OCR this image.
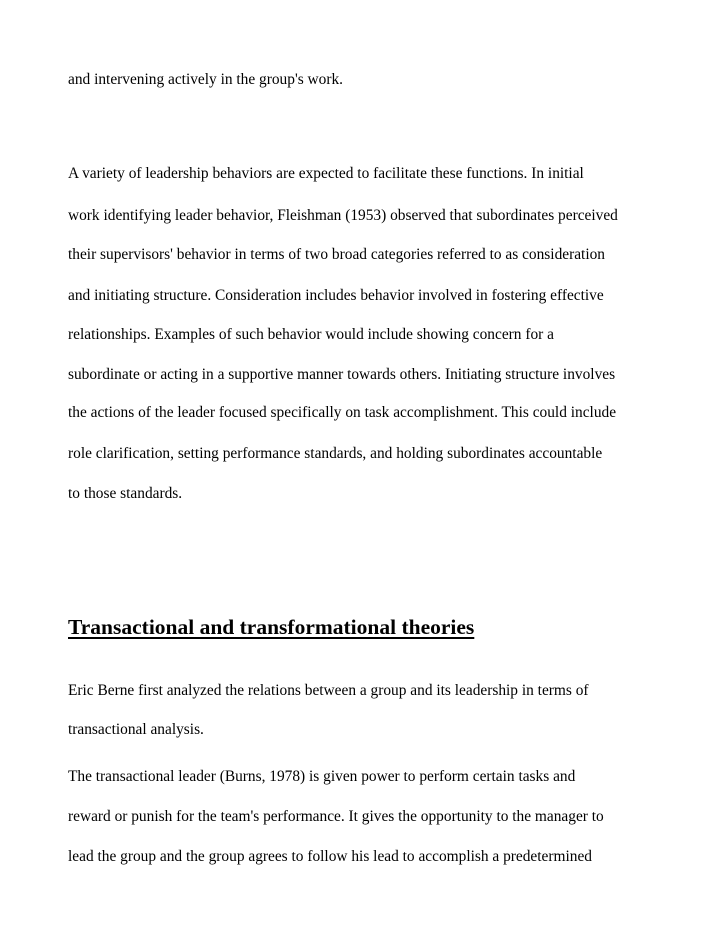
and intervening actively in the group's work.
A variety of leadership behaviors are expected to facilitate these functions. In initial
work identifying leader behavior, Fleishman (1953) observed that subordinates perceived
their supervisors' behavior in terms of two broad categories referred to as consideration
and initiating structure. Consideration includes behavior involved in fostering effective
relationships. Examples of such behavior would include showing concern for a
subordinate or acting in a supportive manner towards others. Initiating structure involves
the actions of the leader focused specifically on task accomplishment. This could include
role clarification, setting performance standards, and holding subordinates accountable
to those standards.
Transactional and transformational theories
Eric Berne first analyzed the relations between a group and its leadership in terms of
transactional analysis.
The transactional leader (Burns, 1978) is given power to perform certain tasks and
reward or punish for the team's performance. It gives the opportunity to the manager to
lead the group and the group agrees to follow his lead to accomplish a predetermined
